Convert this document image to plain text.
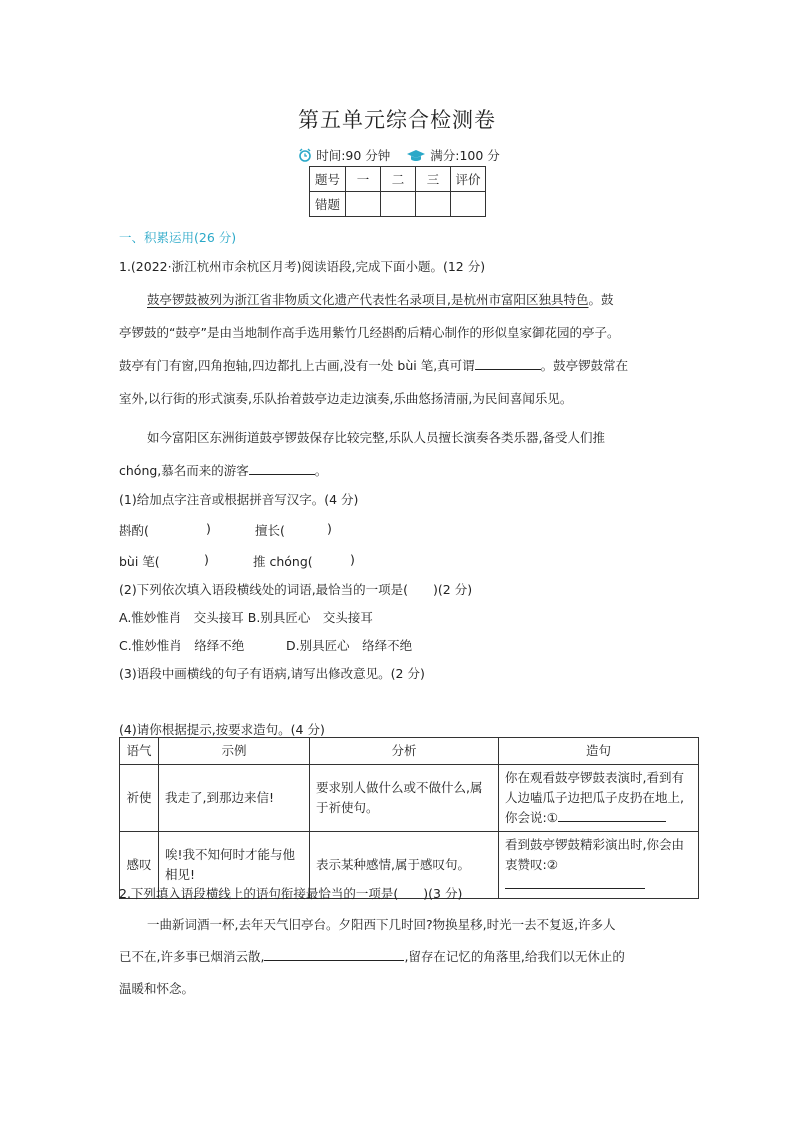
第五单元综合检测卷
时间:90 分钟	满分:100 分
题号	一	二	三	评价
错题				
一、积累运用(26 分)
1.(2022·浙江杭州市余杭区月考)阅读语段,完成下面小题。(12 分)
鼓亭锣鼓被列为浙江省非物质文化遗产代表性名录项目,是杭州市富阳区独具特色。鼓
亭锣鼓的“鼓亭”是由当地制作高手选用紫竹几经斟酌后精心制作的形似皇家御花园的亭子。
鼓亭有门有窗,四角抱轴,四边都扎上古画,没有一处 bùi 笔,真可谓	。鼓亭锣鼓常在
室外,以行街的形式演奏,乐队抬着鼓亭边走边演奏,乐曲悠扬清丽,为民间喜闻乐见。
如今富阳区东洲街道鼓亭锣鼓保存比较完整,乐队人员擅长演奏各类乐器,备受人们推
chóng,慕名而来的游客	。
(1)给加点字注音或根据拼音写汉字。(4 分)
斟酌(	)	擅长(	)
bùi 笔(	)	推 chóng(	)
(2)下列依次填入语段横线处的词语,最恰当的一项是(　　)(2 分)
A.惟妙惟肖　交头接耳 B.别具匠心　交头接耳
C.惟妙惟肖　络绎不绝	D.别具匠心　络绎不绝
(3)语段中画横线的句子有语病,请写出修改意见。(2 分)
(4)请你根据提示,按要求造句。(4 分)
语气	示例	分析	造句
祈使	我走了,到那边来信!	要求别人做什么或不做什么,属于祈使句。	你在观看鼓亭锣鼓表演时,看到有人边嗑瓜子边把瓜子皮扔在地上,你会说:①
感叹	唉!我不知何时才能与他相见!	表示某种感情,属于感叹句。	看到鼓亭锣鼓精彩演出时,你会由衷赞叹:②
2.下列填入语段横线上的语句衔接最恰当的一项是(　　)(3 分)
一曲新词酒一杯,去年天气旧亭台。夕阳西下几时回?物换星移,时光一去不复返,许多人
已不在,许多事已烟消云散,	,留存在记忆的角落里,给我们以无休止的
温暖和怀念。
